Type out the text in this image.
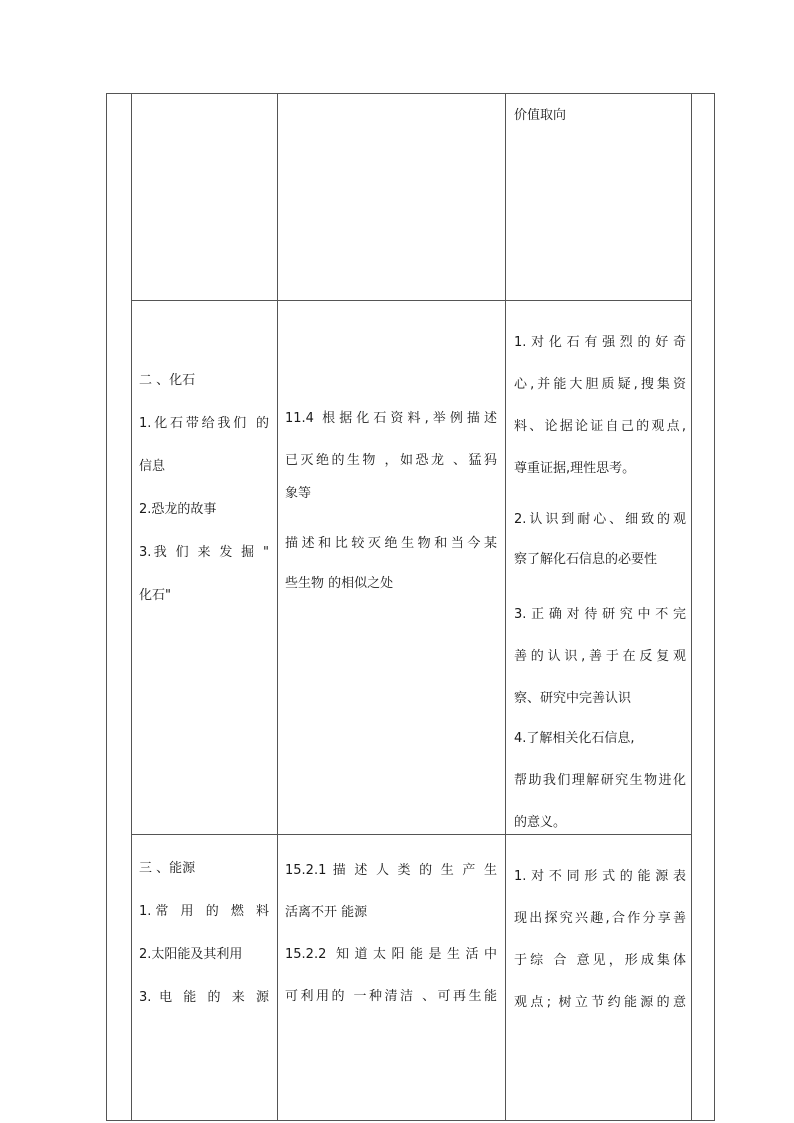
价值取向

二 、化石

1.化石带给我们 的

信息

2.恐龙的故事

3.我 们 来 发 掘 "

化石"

11.4 根据化石资料,举例描述

已灭绝的生物 ，如恐龙 、猛犸

象等

描述和比较灭绝生物和当今某

些生物 的相似之处

1.对化石有强烈的好奇

心,并能大胆质疑,搜集资

料、论据论证自己的观点,

尊重证据,理性思考。

2.认识到耐心、细致的观

察了解化石信息的必要性

3.正确对待研究中不完

善的认识,善于在反复观

察、研究中完善认识

4.了解相关化石信息,

帮助我们理解研究生物进化

的意义。

三 、能源

1.常 用 的 燃 料

2.太阳能及其利用

3. 电 能 的 来 源

15.2.1 描 述 人 类 的 生 产 生

活离不开 能源

15.2.2 知道太阳能是生活中

可利用的 一种清洁 、可再生能

1.对不同形式的能源表

现出探究兴趣,合作分享善

于综 合 意见，形成集体

观点; 树立节约能源的意
